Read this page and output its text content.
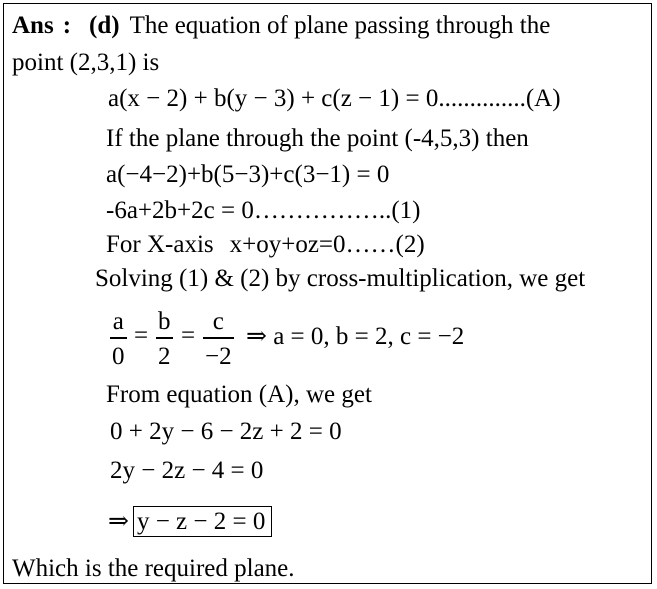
Ans : (d) The equation of plane passing through the
point (2,3,1) is
a(x − 2) + b(y − 3) + c(z − 1) = 0..............(A)
If the plane through the point (-4,5,3) then
a(−4−2)+b(5−3)+c(3−1) = 0
-6a+2b+2c = 0……………..(1)
For X-axis x+oy+oz=0……(2)
Solving (1) & (2) by cross-multiplication, we get
a
0
=
b
2
=
c
−2
⇒ a = 0, b = 2, c = −2
From equation (A), we get
0 + 2y − 6 − 2z + 2 = 0
2y − 2z − 4 = 0
⇒ y − z − 2 = 0
Which is the required plane.
